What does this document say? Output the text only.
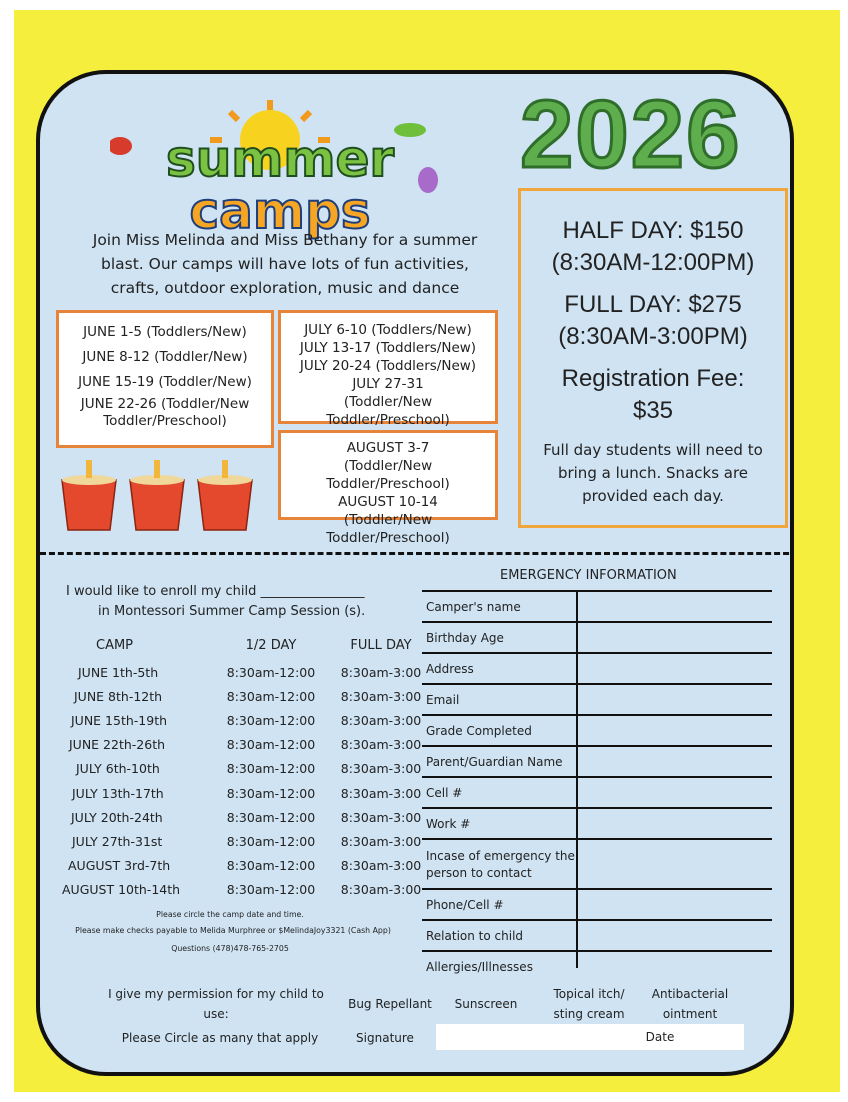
summer
camps
2026
Join Miss Melinda and Miss Bethany for a summer blast. Our camps will have lots of fun activities, crafts, outdoor exploration, music and dance
JUNE 1-5 (Toddlers/New)
JUNE 8-12 (Toddler/New)
JUNE 15-19 (Toddler/New)
JUNE 22-26 (Toddler/New Toddler/Preschool)
JULY 6-10 (Toddlers/New)
JULY 13-17 (Toddlers/New)
JULY 20-24 (Toddlers/New)
JULY 27-31 (Toddler/New Toddler/Preschool)
AUGUST 3-7 (Toddler/New Toddler/Preschool)
AUGUST 10-14 (Toddler/New Toddler/Preschool)
HALF DAY: $150
(8:30AM-12:00PM)
FULL DAY: $275
(8:30AM-3:00PM)
Registration Fee:
$35
Full day students will need to bring a lunch. Snacks are provided each day.
I would like to enroll my child ________________
in Montessori Summer Camp Session (s).
CAMP	1/2 DAY	FULL DAY
JUNE 1th-5th	8:30am-12:00	8:30am-3:00
JUNE 8th-12th	8:30am-12:00	8:30am-3:00
JUNE 15th-19th	8:30am-12:00	8:30am-3:00
JUNE 22th-26th	8:30am-12:00	8:30am-3:00
JULY 6th-10th	8:30am-12:00	8:30am-3:00
JULY 13th-17th	8:30am-12:00	8:30am-3:00
JULY 20th-24th	8:30am-12:00	8:30am-3:00
JULY 27th-31st	8:30am-12:00	8:30am-3:00
AUGUST 3rd-7th	8:30am-12:00	8:30am-3:00
AUGUST 10th-14th	8:30am-12:00	8:30am-3:00
Please circle the camp date and time.
Please make checks payable to Melida Murphree or $MelindaJoy3321 (Cash App)
Questions (478)478-765-2705
EMERGENCY INFORMATION
Camper's name
Birthday Age
Address
Email
Grade Completed
Parent/Guardian Name
Cell #
Work #
Incase of emergency the person to contact
Phone/Cell #
Relation to child
Allergies/Illnesses
I give my permission for my child to use:
Bug Repellant	Sunscreen
Topical itch/ sting cream
Antibacterial ointment
Please Circle as many that apply	Signature	Date
